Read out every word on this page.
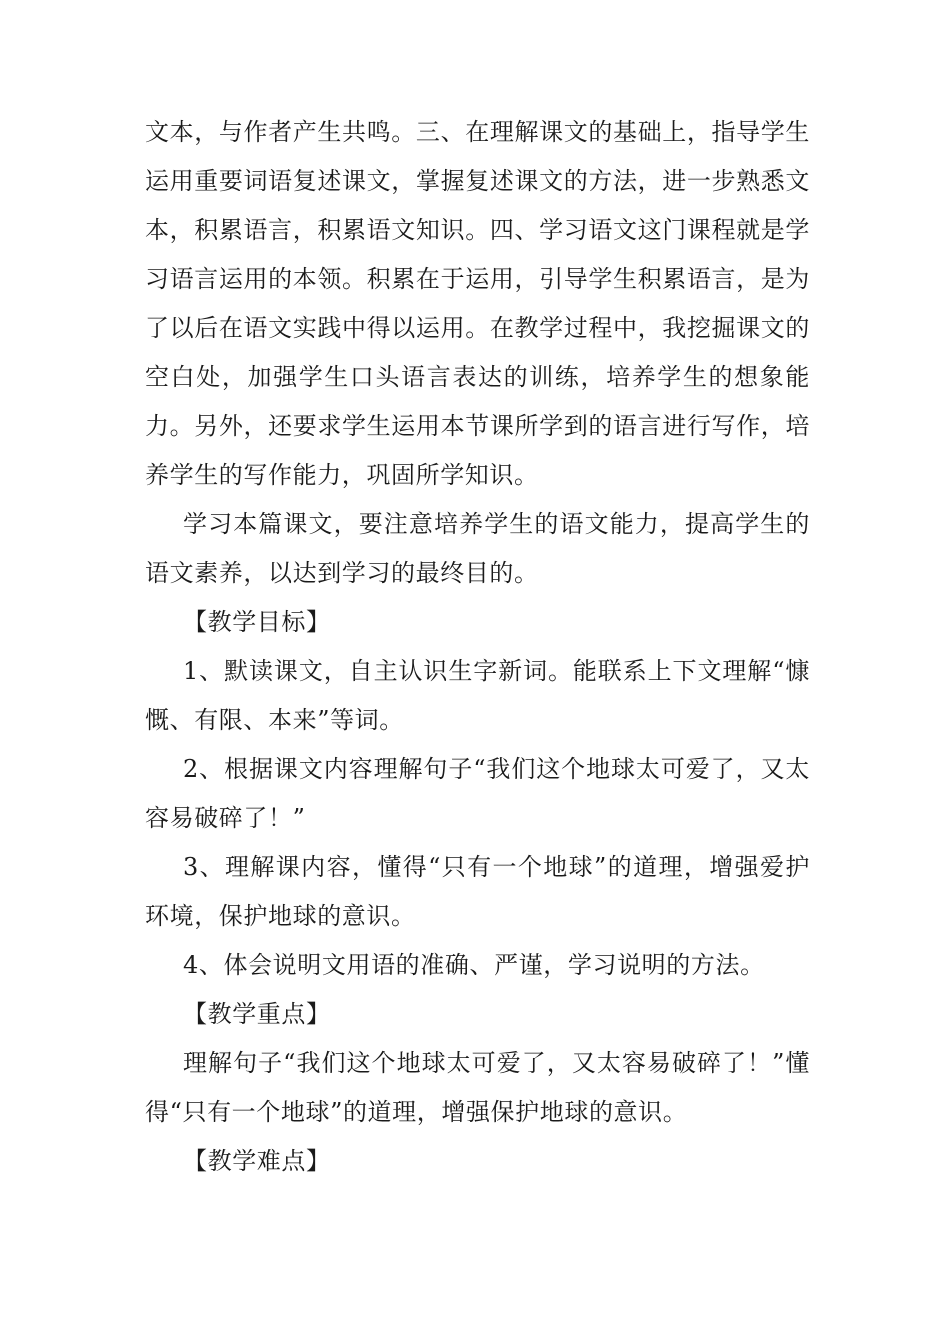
文本，与作者产生共鸣。三、在理解课文的基础上，指导学生运用重要词语复述课文，掌握复述课文的方法，进一步熟悉文本，积累语言，积累语文知识。四、学习语文这门课程就是学习语言运用的本领。积累在于运用，引导学生积累语言，是为了以后在语文实践中得以运用。在教学过程中，我挖掘课文的空白处，加强学生口头语言表达的训练，培养学生的想象能力。另外，还要求学生运用本节课所学到的语言进行写作，培养学生的写作能力，巩固所学知识。

学习本篇课文，要注意培养学生的语文能力，提高学生的语文素养，以达到学习的最终目的。

【教学目标】

1、默读课文，自主认识生字新词。能联系上下文理解“慷慨、有限、本来”等词。

2、根据课文内容理解句子“我们这个地球太可爱了，又太容易破碎了！”

3、理解课内容，懂得“只有一个地球”的道理，增强爱护环境，保护地球的意识。

4、体会说明文用语的准确、严谨，学习说明的方法。

【教学重点】

理解句子“我们这个地球太可爱了，又太容易破碎了！”懂得“只有一个地球”的道理，增强保护地球的意识。

【教学难点】
